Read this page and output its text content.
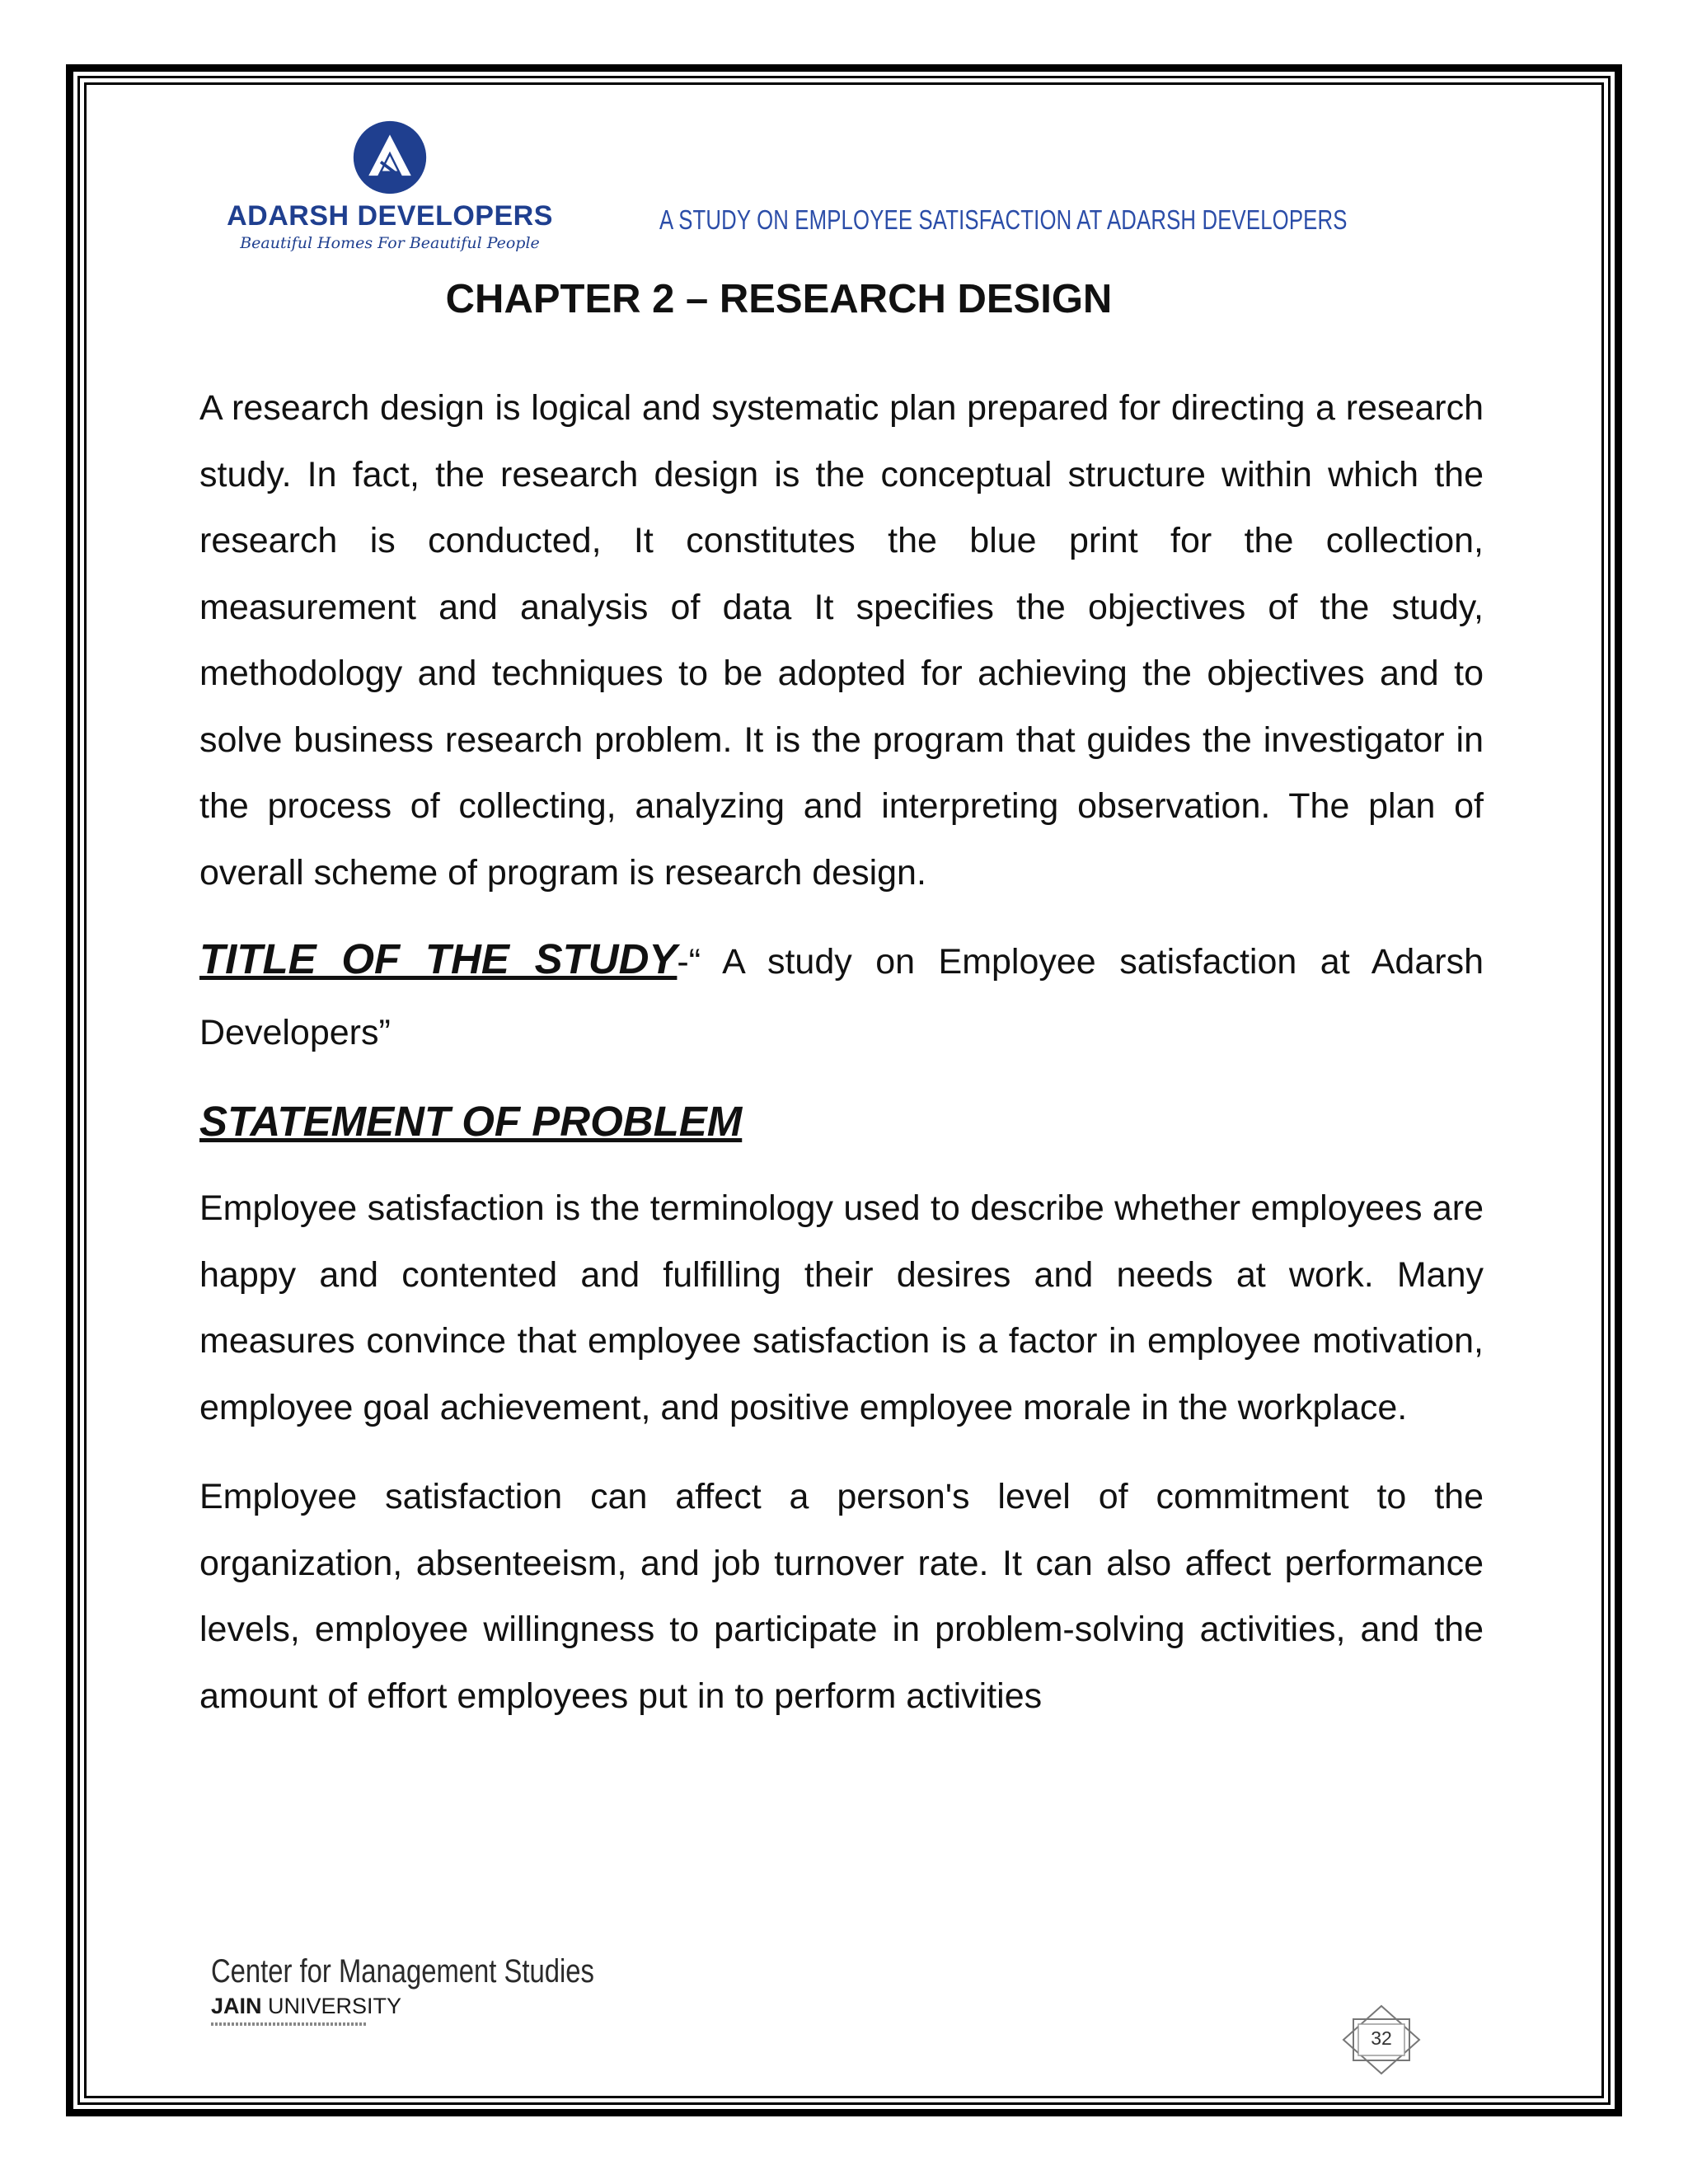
ADARSH DEVELOPERS
Beautiful Homes For Beautiful People
A STUDY ON EMPLOYEE SATISFACTION AT ADARSH DEVELOPERS
CHAPTER 2 – RESEARCH DESIGN

A research design is logical and systematic plan prepared for directing a research study. In fact, the research design is the conceptual structure within which the research is conducted, It constitutes the blue print for the collection, measurement and analysis of data It specifies the objectives of the study, methodology and techniques to be adopted for achieving the objectives and to solve business research problem. It is the program that guides the investigator in the process of collecting, analyzing and interpreting observation. The plan of overall scheme of program is research design.

TITLE OF THE STUDY-“ A study on Employee satisfaction at Adarsh Developers”

STATEMENT OF PROBLEM

Employee satisfaction is the terminology used to describe whether employees are happy and contented and fulfilling their desires and needs at work. Many measures convince that employee satisfaction is a factor in employee motivation, employee goal achievement, and positive employee morale in the workplace.

Employee satisfaction can affect a person's level of commitment to the organization, absenteeism, and job turnover rate. It can also affect performance levels, employee willingness to participate in problem-solving activities, and the amount of effort employees put in to perform activities

Center for Management Studies
JAIN UNIVERSITY
32
